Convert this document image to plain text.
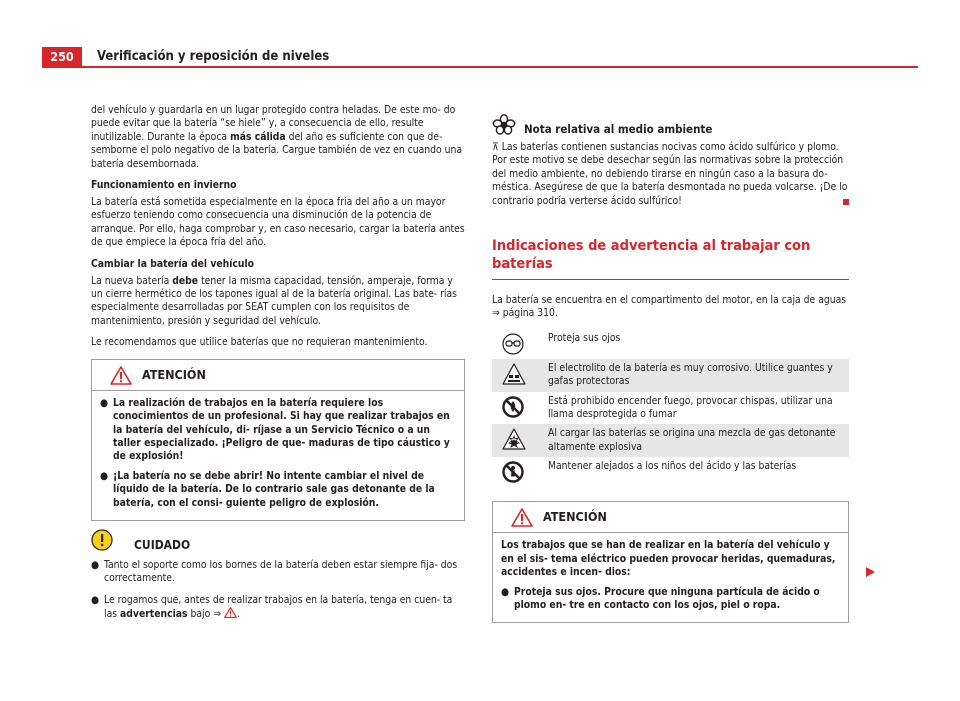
250	Verificación y reposición de niveles

del vehículo y guardarla en un lugar protegido contra heladas. De este mo- do puede evitar que la batería “se hiele” y, a consecuencia de ello, resulte inutilizable. Durante la época más cálida del año es suficiente con que de- semborne el polo negativo de la batería. Cargue también de vez en cuando una batería desembornada.

Funcionamiento en invierno

La batería está sometida especialmente en la época fría del año a un mayor esfuerzo teniendo como consecuencia una disminución de la potencia de arranque. Por ello, haga comprobar y, en caso necesario, cargar la batería antes de que empiece la época fría del año.

Cambiar la batería del vehículo

La nueva batería debe tener la misma capacidad, tensión, amperaje, forma y un cierre hermético de los tapones igual al de la batería original. Las bate- rías especialmente desarrolladas por SEAT cumplen con los requisitos de mantenimiento, presión y seguridad del vehículo.

Le recomendamos que utilice baterías que no requieran mantenimiento.

ATENCIÓN

● La realización de trabajos en la batería requiere los conocimientos de un profesional. Si hay que realizar trabajos en la batería del vehículo, di- ríjase a un Servicio Técnico o a un taller especializado. ¡Peligro de que- maduras de tipo cáustico y de explosión!

● ¡La batería no se debe abrir! No intente cambiar el nivel de líquido de la batería. De lo contrario sale gas detonante de la batería, con el consi- guiente peligro de explosión.

CUIDADO

● Tanto el soporte como los bornes de la batería deben estar siempre fija- dos correctamente.

● Le rogamos que, antes de realizar trabajos en la batería, tenga en cuen- ta las advertencias bajo ⇒ .

Nota relativa al medio ambiente

⊼ Las baterías contienen sustancias nocivas como ácido sulfúrico y plomo. Por este motivo se debe desechar según las normativas sobre la protección del medio ambiente, no debiendo tirarse en ningún caso a la basura do- méstica. Asegúrese de que la batería desmontada no pueda volcarse. ¡De lo contrario podría verterse ácido sulfúrico!

Indicaciones de advertencia al trabajar con baterías

La batería se encuentra en el compartimento del motor, en la caja de aguas ⇒ página 310.

Proteja sus ojos
El electrolito de la batería es muy corrosivo. Utilice guantes y gafas protectoras
Está prohibido encender fuego, provocar chispas, utilizar una llama desprotegida o fumar
Al cargar las baterías se origina una mezcla de gas detonante altamente explosiva
Mantener alejados a los niños del ácido y las baterías
ATENCIÓN

Los trabajos que se han de realizar en la batería del vehículo y en el sis- tema eléctrico pueden provocar heridas, quemaduras, accidentes e incen- dios:

● Proteja sus ojos. Procure que ninguna partícula de ácido o plomo en- tre en contacto con los ojos, piel o ropa.
